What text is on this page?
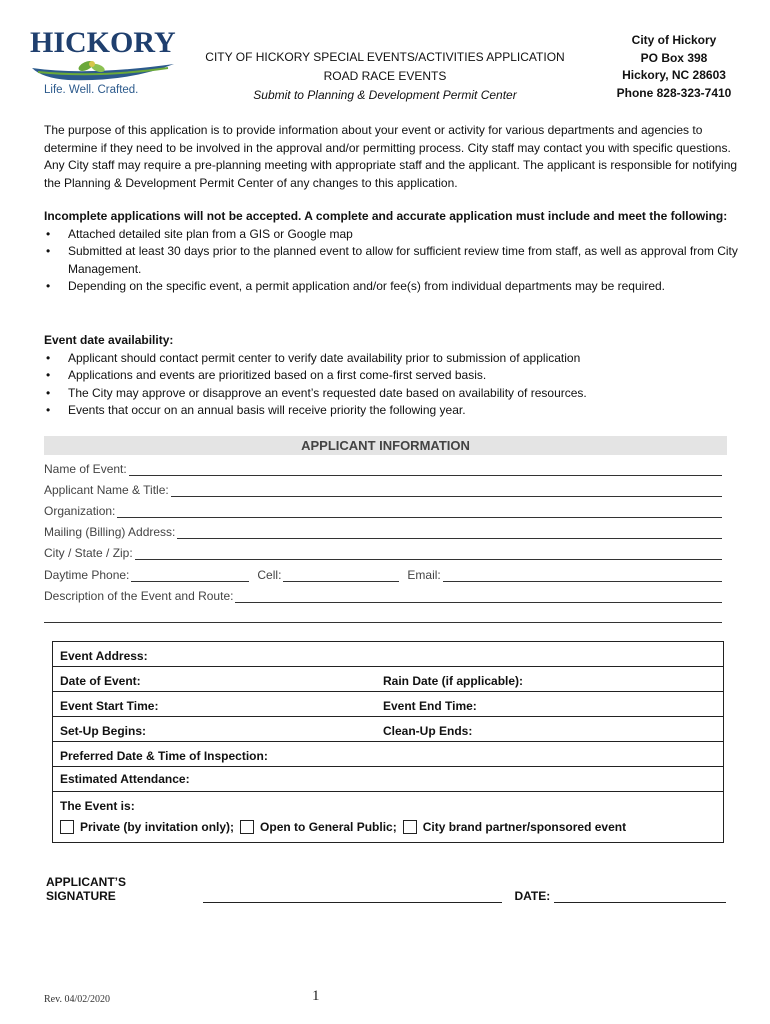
HICKORY
North Carolina
Life. Well. Crafted.
CITY OF HICKORY SPECIAL EVENTS/ACTIVITIES APPLICATION
ROAD RACE EVENTS
Submit to Planning & Development Permit Center
City of Hickory
PO Box 398
Hickory, NC 28603
Phone 828-323-7410
The purpose of this application is to provide information about your event or activity for various departments and agencies to determine if they need to be involved in the approval and/or permitting process. City staff may contact you with specific questions. Any City staff may require a pre-planning meeting with appropriate staff and the applicant. The applicant is responsible for notifying the Planning & Development Permit Center of any changes to this application.
Incomplete applications will not be accepted. A complete and accurate application must include and meet the following:
• Attached detailed site plan from a GIS or Google map
• Submitted at least 30 days prior to the planned event to allow for sufficient review time from staff, as well as approval from City Management.
• Depending on the specific event, a permit application and/or fee(s) from individual departments may be required.
Event date availability:
• Applicant should contact permit center to verify date availability prior to submission of application
• Applications and events are prioritized based on a first come-first served basis.
• The City may approve or disapprove an event’s requested date based on availability of resources.
• Events that occur on an annual basis will receive priority the following year.
APPLICANT INFORMATION
Name of Event:
Applicant Name & Title:
Organization:
Mailing (Billing) Address:
City / State / Zip:
Daytime Phone:	Cell:	Email:
Description of the Event and Route:
Event Address:
Date of Event:	Rain Date (if applicable):
Event Start Time:	Event End Time:
Set-Up Begins:	Clean-Up Ends:
Preferred Date & Time of Inspection:
Estimated Attendance:
The Event is:
Private (by invitation only); Open to General Public; City brand partner/sponsored event
APPLICANT’S SIGNATURE	DATE:
Rev. 04/02/2020	1
